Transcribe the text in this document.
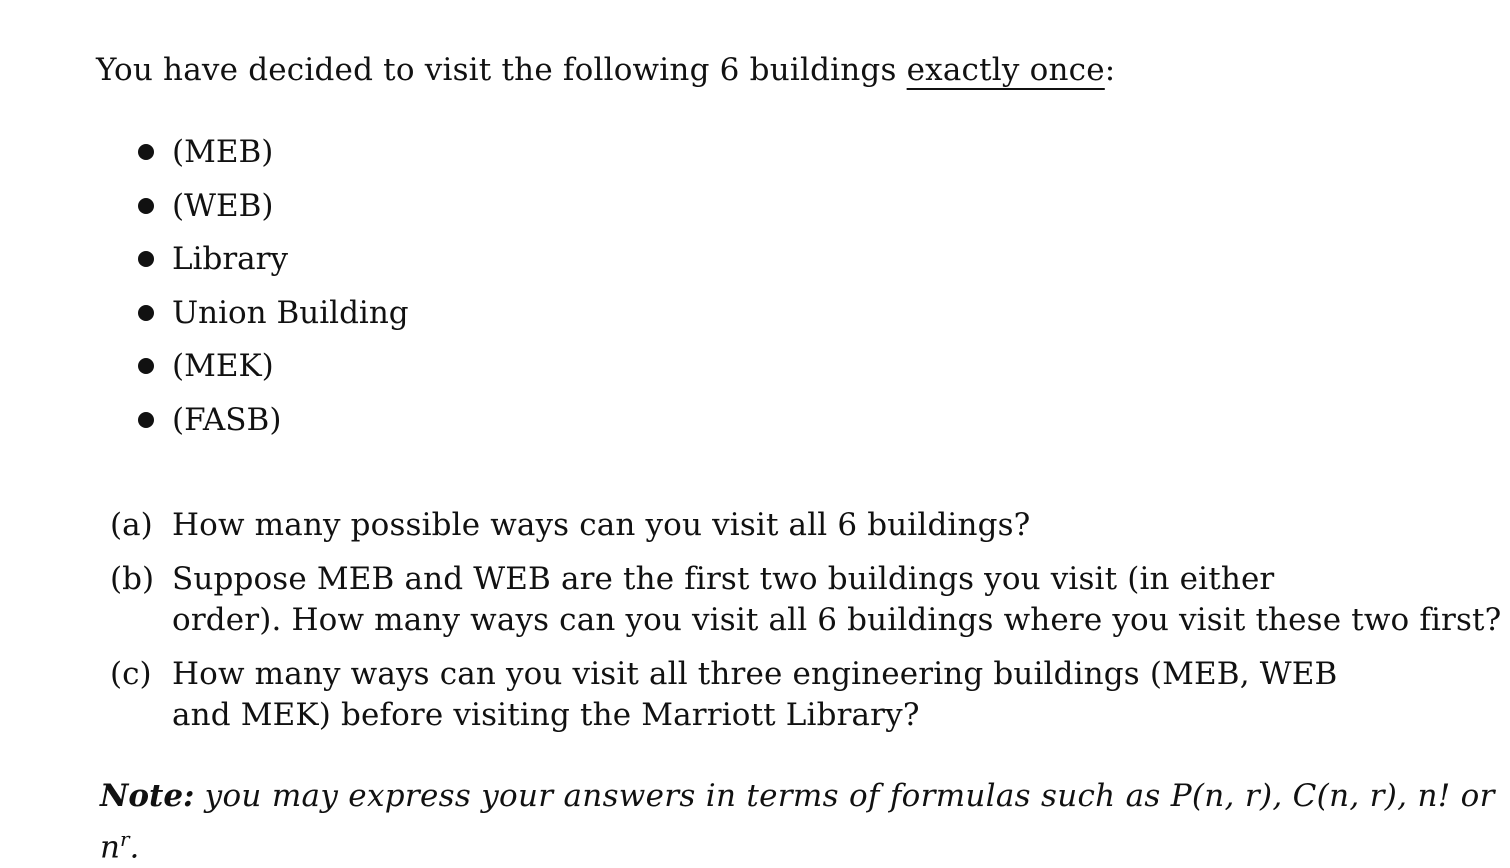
You have decided to visit the following 6 buildings exactly once:
(MEB)
(WEB)
Library
Union Building
(MEK)
(FASB)
(a) How many possible ways can you visit all 6 buildings?
(b) Suppose MEB and WEB are the first two buildings you visit (in either
order). How many ways can you visit all 6 buildings where you visit these two first?
(c) How many ways can you visit all three engineering buildings (MEB, WEB
and MEK) before visiting the Marriott Library?
Note: you may express your answers in terms of formulas such as P(n, r), C(n, r), n! or
$n^r$.
